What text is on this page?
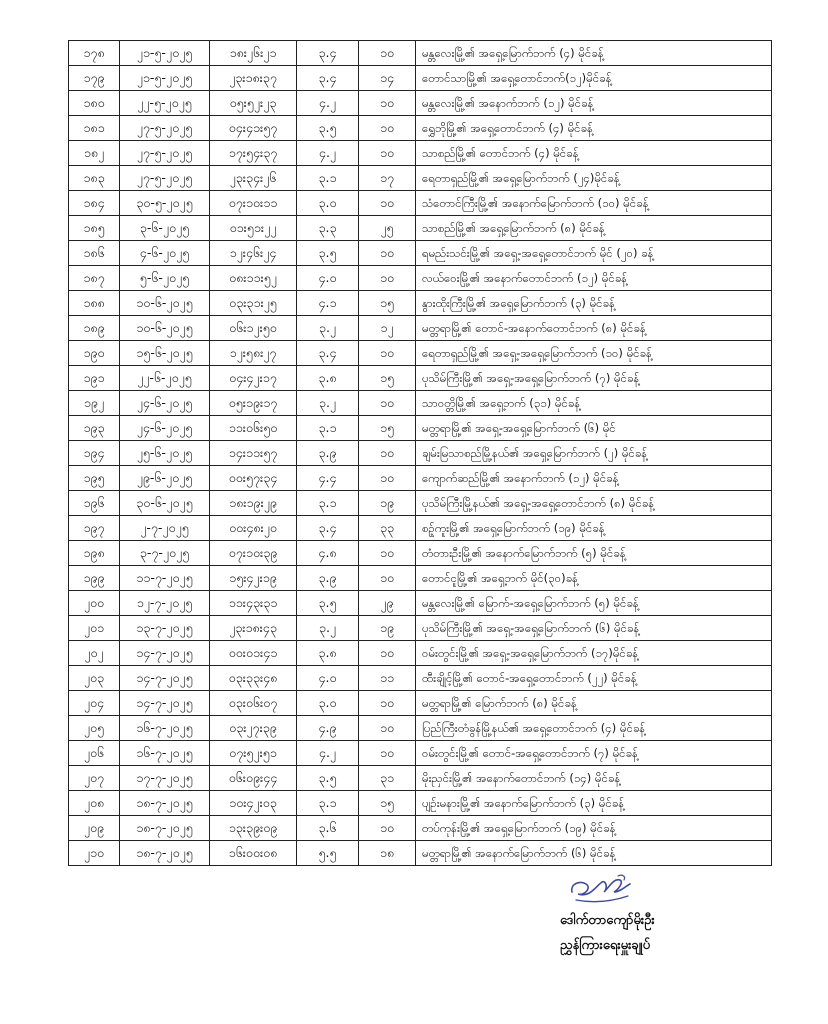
၁၇၈	၂၁-၅-၂၀၂၅	၁၈း၂၆း၂၁	၃.၄	၁၀	မန္တလေးမြို့၏ အရှေ့မြောက်ဘက် (၄) မိုင်ခန့်
၁၇၉	၂၁-၅-၂၀၂၅	၂၃း၁၈း၃၇	၃.၄	၁၄	တောင်သာမြို့၏ အရှေ့တောင်ဘက်(၁၂)မိုင်ခန့်
၁၈၀	၂၂-၅-၂၀၂၅	၀၅း၅၂း၂၃	၄.၂	၁၀	မန္တလေးမြို့၏ အနောက်ဘက် (၁၂) မိုင်ခန့်
၁၈၁	၂၇-၅-၂၀၂၅	၀၄း၄၁း၅၇	၃.၅	၁၀	ရွှေဘိုမြို့၏ အရှေ့တောင်ဘက် (၄) မိုင်ခန့်
၁၈၂	၂၇-၅-၂၀၂၅	၁၇း၅၄း၃၇	၄.၂	၁၀	သာစည်မြို့၏ တောင်ဘက် (၄) မိုင်ခန့်
၁၈၃	၂၇-၅-၂၀၂၅	၂၃း၃၄း၂၆	၃.၁	၁၇	ရေတာရှည်မြို့၏ အရှေ့မြောက်ဘက် (၂၄)မိုင်ခန့်
၁၈၄	၃၀-၅-၂၀၂၅	၀၇း၁၀း၁၁	၃.၀	၁၀	သံတောင်ကြီးမြို့၏ အနောက်မြောက်ဘက် (၁၀) မိုင်ခန့်
၁၈၅	၃-၆-၂၀၂၅	၀၁း၅၁း၂၂	၃.၃	၂၅	သာစည်မြို့၏ အရှေ့မြောက်ဘက် (၈) မိုင်ခန့်
၁၈၆	၄-၆-၂၀၂၅	၁၂း၄၆း၂၄	၃.၅	၁၀	ရမည်းသင်းမြို့၏ အရှေ့-အရှေ့တောင်ဘက် မိုင် (၂၀) ခန့်
၁၈၇	၅-၆-၂၀၂၅	၀၈း၁၁း၅၂	၄.၀	၁၀	လယ်ဝေးမြို့၏ အနောက်တောင်ဘက် (၁၂) မိုင်ခန့်
၁၈၈	၁၀-၆-၂၀၂၅	၀၃း၃၁း၂၅	၄.၁	၁၅	နွားထိုးကြီးမြို့၏ အရှေ့မြောက်ဘက် (၃) မိုင်ခန့်
၁၈၉	၁၀-၆-၂၀၂၅	၀၆း၁၂း၅၀	၃.၂	၁၂	မတ္တရာမြို့၏ တောင်-အနောက်တောင်ဘက် (၈) မိုင်ခန့်
၁၉၀	၁၅-၆-၂၀၂၅	၁၂း၅၈း၂၇	၃.၄	၁၀	ရေတာရှည်မြို့၏ အရှေ့-အရှေ့မြောက်ဘက် (၁၀) မိုင်ခန့်
၁၉၁	၂၂-၆-၂၀၂၅	၀၄း၄၂း၁၇	၃.၈	၁၅	ပုသိမ်ကြီးမြို့၏ အရှေ့-အရှေ့မြောက်ဘက် (၇) မိုင်ခန့်
၁၉၂	၂၄-၆-၂၀၂၅	၀၅း၁၉း၁၇	၃.၂	၁၀	သာဝတ္တိမြို့၏ အရှေ့ဘက် (၃၁) မိုင်ခန့်
၁၉၃	၂၄-၆-၂၀၂၅	၁၁း၀၆း၅၀	၃.၁	၁၅	မတ္တရာမြို့၏ အရှေ့-အရှေ့မြောက်ဘက် (၆) မိုင်
၁၉၄	၂၅-၆-၂၀၂၅	၁၄း၁၁း၅၇	၃.၉	၁၀	ချမ်းမြသာစည်မြို့နယ်၏ အရှေ့မြောက်ဘက် (၂) မိုင်ခန့်
၁၉၅	၂၉-၆-၂၀၂၅	၀၀း၅၇း၃၄	၄.၄	၁၀	ကျောက်ဆည်မြို့၏ အနောက်ဘက် (၁၂) မိုင်ခန့်
၁၉၆	၃၀-၆-၂၀၂၅	၁၈း၁၉း၂၉	၃.၁	၁၉	ပုသိမ်ကြီးမြို့နယ်၏ အရှေ့-အရှေ့တောင်ဘက် (၈) မိုင်ခန့်
၁၉၇	၂-၇-၂၀၂၅	၀၀း၄၈း၂၀	၃.၄	၃၃	စဉ့်ကူးမြို့၏ အရှေ့မြောက်ဘက် (၁၉) မိုင်ခန့်
၁၉၈	၃-၇-၂၀၂၅	၀၇း၁၀း၃၉	၄.၈	၁၀	တံတားဦးမြို့၏ အနောက်မြောက်ဘက် (၅) မိုင်ခန့်
၁၉၉	၁၁-၇-၂၀၂၅	၁၅း၄၂း၁၉	၃.၉	၁၀	တောင်ငူမြို့၏ အရှေ့ဘက် မိုင်(၃၀)ခန့်
၂၀၀	၁၂-၇-၂၀၂၅	၁၁း၄၃း၃၁	၃.၅	၂၉	မန္တလေးမြို့၏ မြောက်-အရှေ့မြောက်ဘက် (၅) မိုင်ခန့်
၂၀၁	၁၃-၇-၂၀၂၅	၂၃း၁၈း၄၃	၃.၂	၁၉	ပုသိမ်ကြီးမြို့၏ အရှေ့-အရှေ့မြောက်ဘက် (၆) မိုင်ခန့်
၂၀၂	၁၄-၇-၂၀၂၅	၀၀း၀၁း၄၁	၃.၈	၁၀	ဝမ်းတွင်းမြို့၏ အရှေ့-အရှေ့မြောက်ဘက် (၁၇)မိုင်ခန့်
၂၀၃	၁၄-၇-၂၀၂၅	၀၃း၃၃း၄၈	၄.၀	၁၁	ထီးချိုင့်မြို့၏ တောင်-အရှေ့တောင်ဘက် (၂၂) မိုင်ခန့်
၂၀၄	၁၄-၇-၂၀၂၅	၀၃း၀၆း၀၇	၃.၀	၁၀	မတ္တရာမြို့၏ မြောက်ဘက် (၈) မိုင်ခန့်
၂၀၅	၁၆-၇-၂၀၂၅	၀၃း၂၇း၃၉	၄.၉	၁၀	ပြည်ကြီးတံခွန်မြို့နယ်၏ အရှေ့တောင်ဘက် (၄) မိုင်ခန့်
၂၀၆	၁၆-၇-၂၀၂၅	၀၇း၅၂း၅၁	၄.၂	၁၀	ဝမ်းတွင်းမြို့၏ တောင်-အရှေ့တောင်ဘက် (၇) မိုင်ခန့်
၂၀၇	၁၇-၇-၂၀၂၅	၀၆း၀၉း၄၄	၃.၅	၃၁	မိုးညှင်းမြို့၏ အနောက်တောင်ဘက် (၁၄) မိုင်ခန့်
၂၀၈	၁၈-၇-၂၀၂၅	၁၀း၄၂း၀၃	၃.၁	၁၅	ပျဉ်းမနားမြို့၏ အနောက်မြောက်ဘက် (၃) မိုင်ခန့်
၂၀၉	၁၈-၇-၂၀၂၅	၁၃း၃၉း၀၉	၃.၆	၁၀	တပ်ကုန်းမြို့၏ အရှေ့မြောက်ဘက် (၁၉) မိုင်ခန့်
၂၁၀	၁၈-၇-၂၀၂၅	၁၆း၀၀း၀၈	၅.၅	၁၈	မတ္တရာမြို့၏ အနောက်မြောက်ဘက် (၆) မိုင်ခန့်
ဒေါက်တာကျော်မိုးဦး
ညွှန်ကြားရေးမှူးချုပ်
